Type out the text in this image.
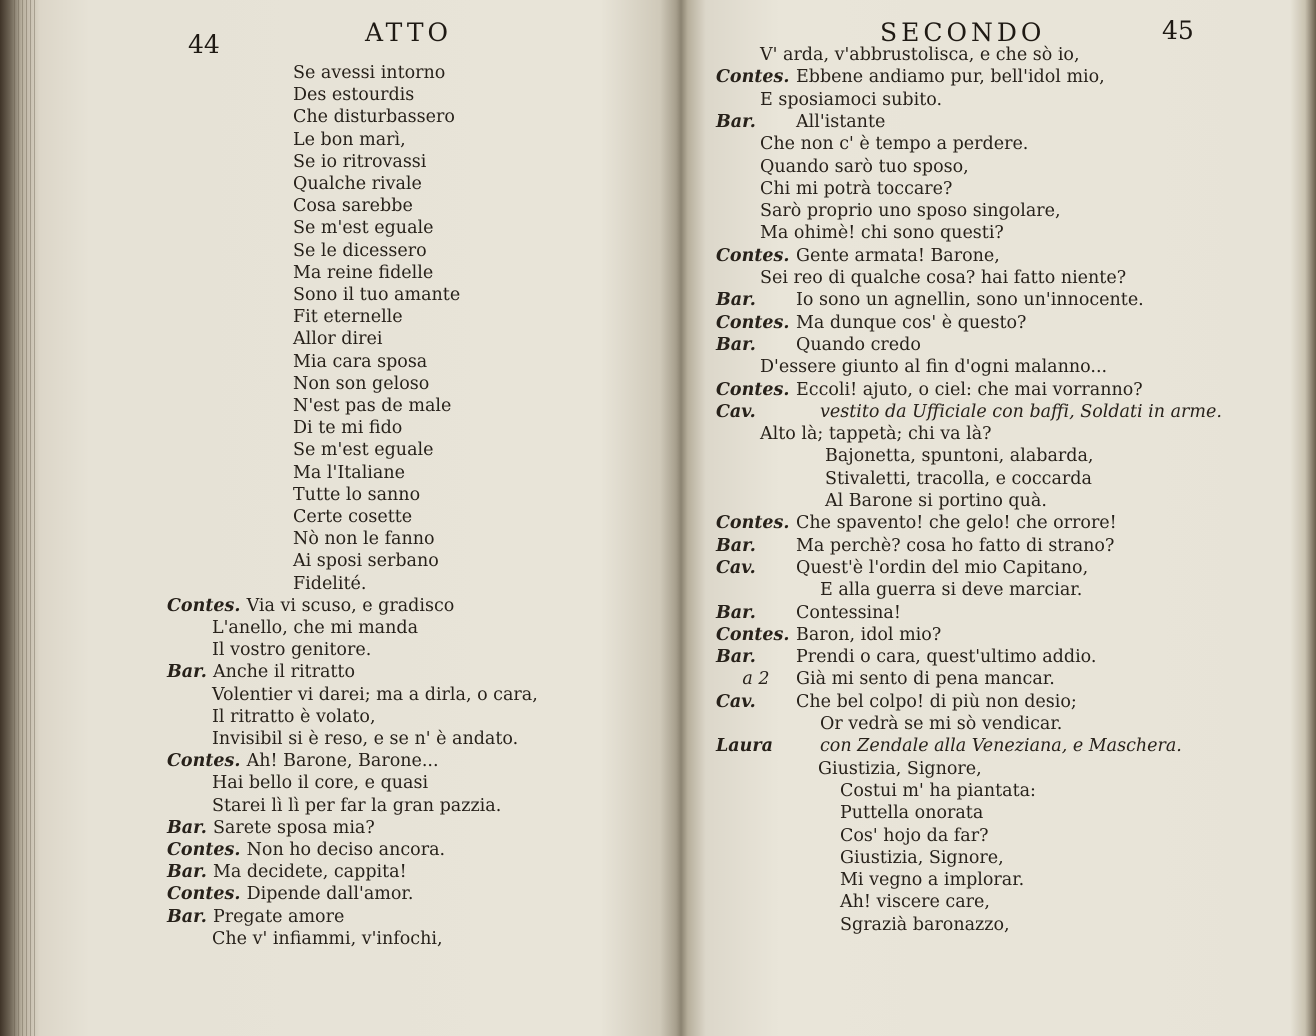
44	ATTO
Se avessi intorno
Des estourdis
Che disturbassero
Le bon marì,
Se io ritrovassi
Qualche rivale
Cosa sarebbe
Se m'est eguale
Se le dicessero
Ma reine fidelle
Sono il tuo amante
Fit eternelle
Allor direi
Mia cara sposa
Non son geloso
N'est pas de male
Di te mi fido
Se m'est eguale
Ma l'Italiane
Tutte lo sanno
Certe cosette
Nò non le fanno
Ai sposi serbano
Fidelité.
Contes. Via vi scuso, e gradisco
L'anello, che mi manda
Il vostro genitore.
Bar. Anche il ritratto
Volentier vi darei; ma a dirla, o cara,
Il ritratto è volato,
Invisibil si è reso, e se n' è andato.
Contes. Ah! Barone, Barone...
Hai bello il core, e quasi
Starei lì lì per far la gran pazzia.
Bar. Sarete sposa mia?
Contes. Non ho deciso ancora.
Bar. Ma decidete, cappita!
Contes. Dipende dall'amor.
Bar. Pregate amore
Che v' infiammi, v'infochi,
SECONDO	45
V' arda, v'abbrustolisca, e che sò io,
Contes.Ebbene andiamo pur, bell'idol mio,
E sposiamoci subito.
Bar.All'istante
Che non c' è tempo a perdere.
Quando sarò tuo sposo,
Chi mi potrà toccare?
Sarò proprio uno sposo singolare,
Ma ohimè! chi sono questi?
Contes.Gente armata! Barone,
Sei reo di qualche cosa? hai fatto niente?
Bar.Io sono un agnellin, sono un'innocente.
Contes.Ma dunque cos' è questo?
Bar.Quando credo
D'essere giunto al fin d'ogni malanno...
Contes.Eccoli! ajuto, o ciel: che mai vorranno?
Cav.	vestito da Ufficiale con baffi, Soldati in arme.
Alto là; tappetà; chi va là?
Bajonetta, spuntoni, alabarda,
Stivaletti, tracolla, e coccarda
Al Barone si portino quà.
Contes.Che spavento! che gelo! che orrore!
Bar.Ma perchè? cosa ho fatto di strano?
Cav.Quest'è l'ordin del mio Capitano,
E alla guerra si deve marciar.
Bar.Contessina!
Contes.Baron, idol mio?
Bar.Prendi o cara, quest'ultimo addio.
a 2Già mi sento di pena mancar.
Cav.Che bel colpo! di più non desio;
Or vedrà se mi sò vendicar.
Laura	con Zendale alla Veneziana, e Maschera.
Giustizia, Signore,
Costui m' ha piantata:
Puttella onorata
Cos' hojo da far?
Giustizia, Signore,
Mi vegno a implorar.
Ah! viscere care,
Sgrazià baronazzo,
